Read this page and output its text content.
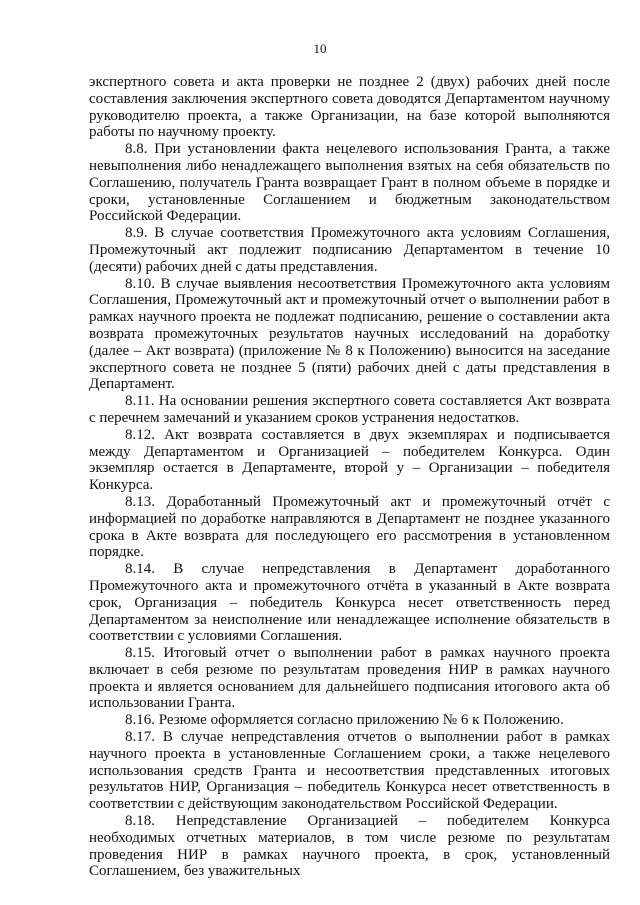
10

экспертного совета и акта проверки не позднее 2 (двух) рабочих дней после составления заключения экспертного совета доводятся Департаментом научному руководителю проекта, а также Организации, на базе которой выполняются работы по научному проекту.

8.8. При установлении факта нецелевого использования Гранта, а также невыполнения либо ненадлежащего выполнения взятых на себя обязательств по Соглашению, получатель Гранта возвращает Грант в полном объеме в порядке и сроки, установленные Соглашением и бюджетным законодательством Российской Федерации.

8.9. В случае соответствия Промежуточного акта условиям Соглашения, Промежуточный акт подлежит подписанию Департаментом в течение 10 (десяти) рабочих дней с даты представления.

8.10. В случае выявления несоответствия Промежуточного акта условиям Соглашения, Промежуточный акт и промежуточный отчет о выполнении работ в рамках научного проекта не подлежат подписанию, решение о составлении акта возврата промежуточных результатов научных исследований на доработку (далее – Акт возврата) (приложение № 8 к Положению) выносится на заседание экспертного совета не позднее 5 (пяти) рабочих дней с даты представления в Департамент.

8.11. На основании решения экспертного совета составляется Акт возврата с перечнем замечаний и указанием сроков устранения недостатков.

8.12. Акт возврата составляется в двух экземплярах и подписывается между Департаментом и Организацией – победителем Конкурса. Один экземпляр остается в Департаменте, второй у – Организации – победителя Конкурса.

8.13. Доработанный Промежуточный акт и промежуточный отчёт с информацией по доработке направляются в Департамент не позднее указанного срока в Акте возврата для последующего его рассмотрения в установленном порядке.

8.14. В случае непредставления в Департамент доработанного Промежуточного акта и промежуточного отчёта в указанный в Акте возврата срок, Организация – победитель Конкурса несет ответственность перед Департаментом за неисполнение или ненадлежащее исполнение обязательств в соответствии с условиями Соглашения.

8.15. Итоговый отчет о выполнении работ в рамках научного проекта включает в себя резюме по результатам проведения НИР в рамках научного проекта и является основанием для дальнейшего подписания итогового акта об использовании Гранта.

8.16. Резюме оформляется согласно приложению № 6 к Положению.

8.17. В случае непредставления отчетов о выполнении работ в рамках научного проекта в установленные Соглашением сроки, а также нецелевого использования средств Гранта и несоответствия представленных итоговых результатов НИР, Организация – победитель Конкурса несет ответственность в соответствии с действующим законодательством Российской Федерации.

8.18. Непредставление Организацией – победителем Конкурса необходимых отчетных материалов, в том числе резюме по результатам проведения НИР в рамках научного проекта, в срок, установленный Соглашением, без уважительных
